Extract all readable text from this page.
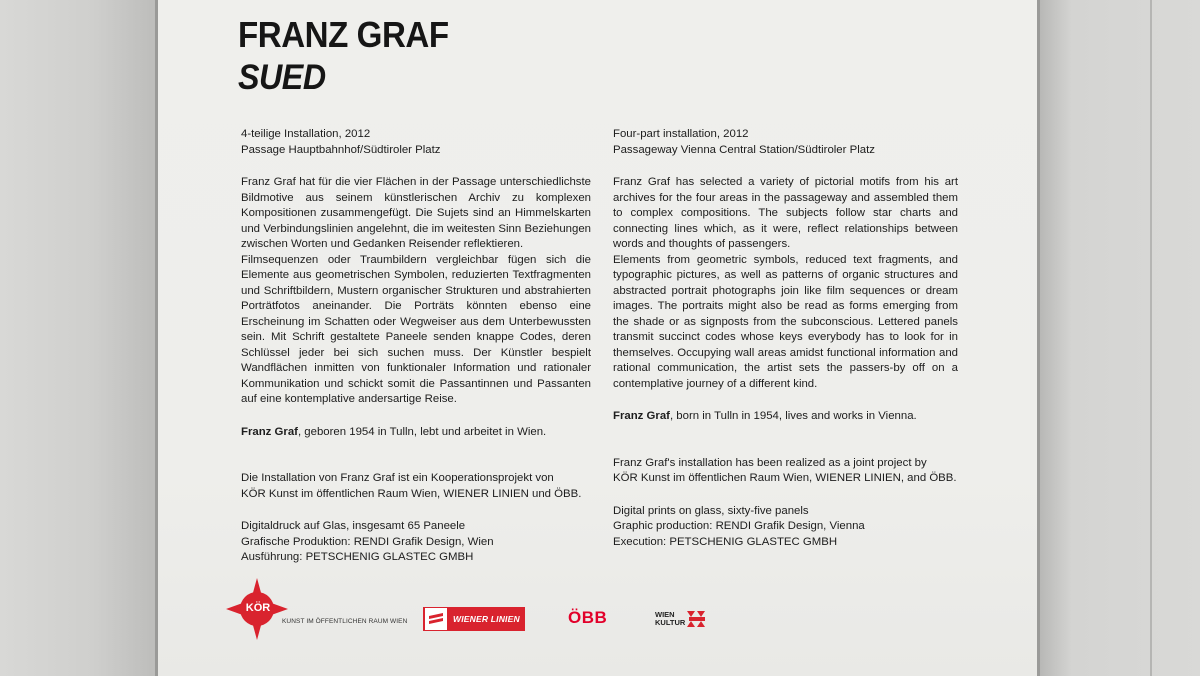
FRANZ GRAF
SUED

4-teilige Installation, 2012
Passage Hauptbahnhof/Südtiroler Platz

Franz Graf hat für die vier Flächen in der Passage unterschiedlichste Bildmotive aus seinem künstlerischen Archiv zu komplexen Kompositionen zusammengefügt. Die Sujets sind an Himmelskarten und Verbindungslinien angelehnt, die im weitesten Sinn Beziehungen zwischen Worten und Gedanken Reisender reflektieren.
Filmsequenzen oder Traumbildern vergleichbar fügen sich die Elemente aus geometrischen Symbolen, reduzierten Textfragmenten und Schriftbildern, Mustern organischer Strukturen und abstrahierten Porträtfotos aneinander. Die Porträts könnten ebenso eine Erscheinung im Schatten oder Wegweiser aus dem Unterbewussten sein. Mit Schrift gestaltete Paneele senden knappe Codes, deren Schlüssel jeder bei sich suchen muss. Der Künstler bespielt Wandflächen inmitten von funktionaler Information und rationaler Kommunikation und schickt somit die Passantinnen und Passanten auf eine kontemplative andersartige Reise.

Franz Graf, geboren 1954 in Tulln, lebt und arbeitet in Wien.

Die Installation von Franz Graf ist ein Kooperationsprojekt von
KÖR Kunst im öffentlichen Raum Wien, WIENER LINIEN und ÖBB.

Digitaldruck auf Glas, insgesamt 65 Paneele
Grafische Produktion: RENDI Grafik Design, Wien
Ausführung: PETSCHENIG GLASTEC GMBH

Four-part installation, 2012
Passageway Vienna Central Station/Südtiroler Platz

Franz Graf has selected a variety of pictorial motifs from his art archives for the four areas in the passageway and assembled them to complex compositions. The subjects follow star charts and connecting lines which, as it were, reflect relationships between words and thoughts of passengers.
Elements from geometric symbols, reduced text fragments, and typographic pictures, as well as patterns of organic structures and abstracted portrait photographs join like film sequences or dream images. The portraits might also be read as forms emerging from the shade or as signposts from the subconscious. Lettered panels transmit succinct codes whose keys everybody has to look for in themselves. Occupying wall areas amidst functional information and rational communication, the artist sets the passers-by off on a contemplative journey of a different kind.

Franz Graf, born in Tulln in 1954, lives and works in Vienna.

Franz Graf's installation has been realized as a joint project by
KÖR Kunst im öffentlichen Raum Wien, WIENER LINIEN, and ÖBB.

Digital prints on glass, sixty-five panels
Graphic production: RENDI Grafik Design, Vienna
Execution: PETSCHENIG GLASTEC GMBH

KÖR
KUNST IM ÖFFENTLICHEN RAUM WIEN	WIENER LINIEN	ÖBB	WIEN
KULTUR
